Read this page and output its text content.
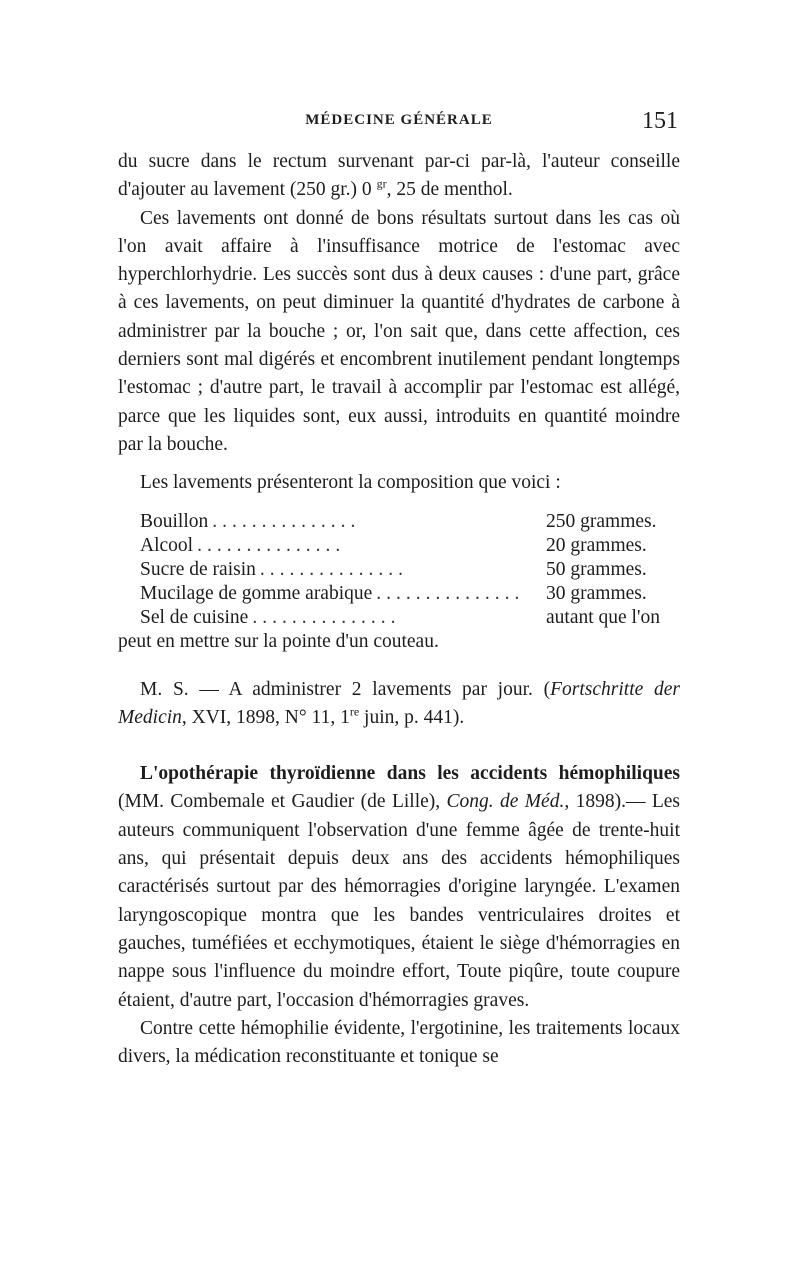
MÉDECINE GÉNÉRALE	151

du sucre dans le rectum survenant par-ci par-là, l'auteur conseille d'ajouter au lavement (250 gr.) 0 $^{gr}$, 25 de menthol.

Ces lavements ont donné de bons résultats surtout dans les cas où l'on avait affaire à l'insuffisance motrice de l'estomac avec hyperchlorhydrie. Les succès sont dus à deux causes : d'une part, grâce à ces lavements, on peut diminuer la quantité d'hydrates de carbone à administrer par la bouche ; or, l'on sait que, dans cette affection, ces derniers sont mal digérés et encombrent inutilement pendant longtemps l'estomac ; d'autre part, le travail à accomplir par l'estomac est allégé, parce que les liquides sont, eux aussi, introduits en quantité moindre par la bouche.

Les lavements présenteront la composition que voici :

Bouillon ...............	250 grammes.
Alcool ...............	20 grammes.
Sucre de raisin ...............	50 grammes.
Mucilage de gomme arabique ...............	30 grammes.
Sel de cuisine ...............	autant que l'on
peut en mettre sur la pointe d'un couteau.

M. S. — A administrer 2 lavements par jour. (Fortschritte der Medicin, XVI, 1898, N° 11, 1re juin, p. 441).

L'opothérapie thyroïdienne dans les accidents hémophiliques (MM. Combemale et Gaudier (de Lille), Cong. de Méd., 1898).— Les auteurs communiquent l'observation d'une femme âgée de trente-huit ans, qui présentait depuis deux ans des accidents hémophiliques caractérisés surtout par des hémorragies d'origine laryngée. L'examen laryngoscopique montra que les bandes ventriculaires droites et gauches, tuméfiées et ecchymotiques, étaient le siège d'hémorragies en nappe sous l'influence du moindre effort, Toute piqûre, toute coupure étaient, d'autre part, l'occasion d'hémorragies graves.

Contre cette hémophilie évidente, l'ergotinine, les traitements locaux divers, la médication reconstituante et tonique se
